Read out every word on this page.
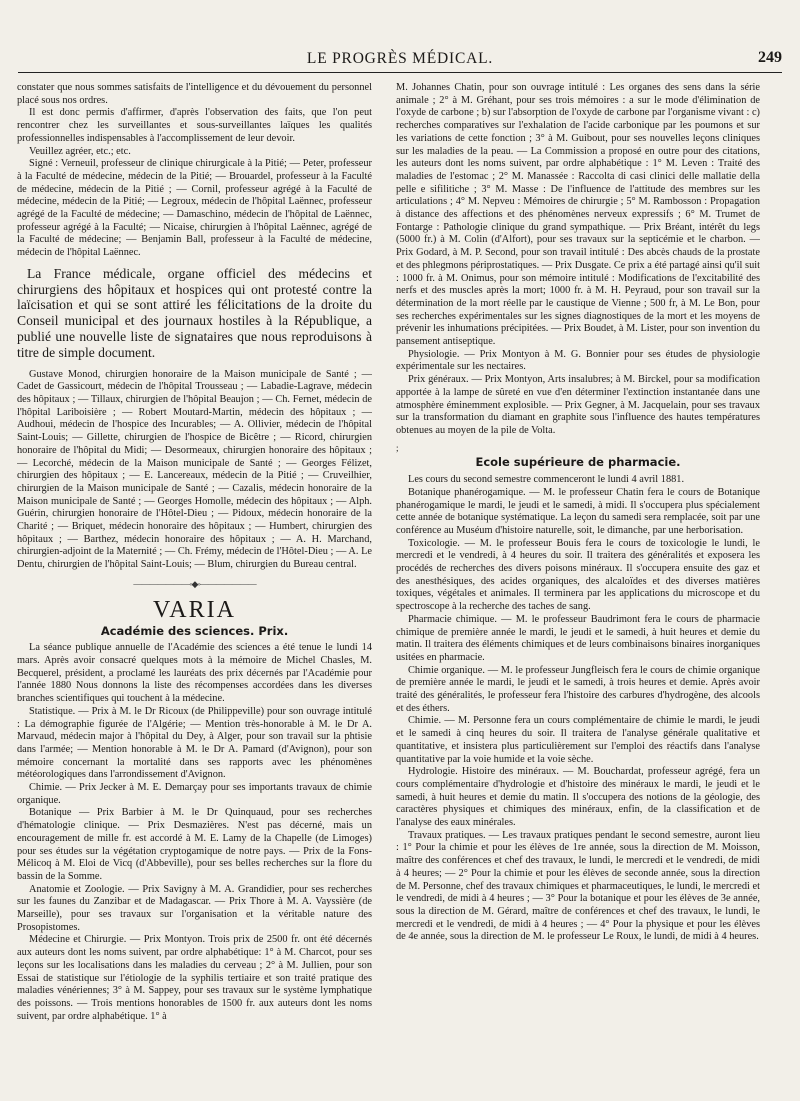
LE PROGRÈS MÉDICAL.	249

constater que nous sommes satisfaits de l'intelligence et du dévouement du personnel placé sous nos ordres.

Il est donc permis d'affirmer, d'après l'observation des faits, que l'on peut rencontrer chez les surveillantes et sous-surveillantes laïques les qualités professionnelles indispensables à l'accomplissement de leur devoir.

Veuillez agréer, etc.; etc.

Signé : Verneuil, professeur de clinique chirurgicale à la Pitié; — Peter, professeur à la Faculté de médecine, médecin de la Pitié; — Brouardel, professeur à la Faculté de médecine, médecin de la Pitié ; — Cornil, professeur agrégé à la Faculté de médecine, médecin de la Pitié; — Legroux, médecin de l'hôpital Laënnec, professeur agrégé de la Faculté de médecine; — Damaschino, médecin de l'hôpital de Laënnec, professeur agrégé à la Faculté; — Nicaise, chirurgien à l'hôpital Laënnec, agrégé de la Faculté de médecine; — Benjamin Ball, professeur à la Faculté de médecine, médecin de l'hôpital Laënnec.

La France médicale, organe officiel des médecins et chirurgiens des hôpitaux et hospices qui ont protesté contre la laïcisation et qui se sont attiré les félicitations de la droite du Conseil municipal et des journaux hostiles à la République, a publié une nouvelle liste de signataires que nous reproduisons à titre de simple document.

Gustave Monod, chirurgien honoraire de la Maison municipale de Santé ; — Cadet de Gassicourt, médecin de l'hôpital Trousseau ; — Labadie-Lagrave, médecin des hôpitaux ; — Tillaux, chirurgien de l'hôpital Beaujon ; — Ch. Fernet, médecin de l'hôpital Lariboisière ; — Robert Moutard-Martin, médecin des hôpitaux ; — Audhoui, médecin de l'hospice des Incurables; — A. Ollivier, médecin de l'hôpital Saint-Louis; — Gillette, chirurgien de l'hospice de Bicêtre ; — Ricord, chirurgien honoraire de l'hôpital du Midi; — Desormeaux, chirurgien honoraire des hôpitaux ; — Lecorché, médecin de la Maison municipale de Santé ; — Georges Félizet, chirurgien des hôpitaux ; — E. Lancereaux, médecin de la Pitié ; — Cruveilhier, chirurgien de la Maison municipale de Santé ; — Cazalis, médecin honoraire de la Maison municipale de Santé ; — Georges Homolle, médecin des hôpitaux ; — Alph. Guérin, chirurgien honoraire de l'Hôtel-Dieu ; — Pidoux, médecin honoraire de la Charité ; — Briquet, médecin honoraire des hôpitaux ; — Humbert, chirurgien des hôpitaux ; — Barthez, médecin honoraire des hôpitaux ; — A. H. Marchand, chirurgien-adjoint de la Maternité ; — Ch. Frémy, médecin de l'Hôtel-Dieu ; — A. Le Dentu, chirurgien de l'hôpital Saint-Louis; — Blum, chirurgien du Bureau central.

———————◦◆◦———————
VARIA
Académie des sciences. Prix.

La séance publique annuelle de l'Académie des sciences a été tenue le lundi 14 mars. Après avoir consacré quelques mots à la mémoire de Michel Chasles, M. Becquerel, président, a proclamé les lauréats des prix décernés par l'Académie pour l'année 1880 Nous donnons la liste des récompenses accordées dans les diverses branches scientifiques qui touchent à la médecine.

Statistique. — Prix à M. le Dr Ricoux (de Philippeville) pour son ouvrage intitulé : La démographie figurée de l'Algérie; — Mention très-honorable à M. le Dr A. Marvaud, médecin major à l'hôpital du Dey, à Alger, pour son travail sur la phtisie dans l'armée; — Mention honorable à M. le Dr A. Pamard (d'Avignon), pour son mémoire concernant la mortalité dans ses rapports avec les phénomènes météorologiques dans l'arrondissement d'Avignon.

Chimie. — Prix Jecker à M. E. Demarçay pour ses importants travaux de chimie organique.

Botanique — Prix Barbier à M. le Dr Quinquaud, pour ses recherches d'hématologie clinique. — Prix Desmazières. N'est pas décerné, mais un encouragement de mille fr. est accordé à M. E. Lamy de la Chapelle (de Limoges) pour ses études sur la végétation cryptogamique de notre pays. — Prix de la Fons-Mélicoq à M. Eloi de Vicq (d'Abbeville), pour ses belles recherches sur la flore du bassin de la Somme.

Anatomie et Zoologie. — Prix Savigny à M. A. Grandidier, pour ses recherches sur les faunes du Zanzibar et de Madagascar. — Prix Thore à M. A. Vayssière (de Marseille), pour ses travaux sur l'organisation et la véritable nature des Prosopistomes.

Médecine et Chirurgie. — Prix Montyon. Trois prix de 2500 fr. ont été décernés aux auteurs dont les noms suivent, par ordre alphabétique: 1° à M. Charcot, pour ses leçons sur les localisations dans les maladies du cerveau ; 2° à M. Jullien, pour son Essai de statistique sur l'étiologie de la syphilis tertiaire et son traité pratique des maladies vénériennes; 3° à M. Sappey, pour ses travaux sur le système lymphatique des poissons. — Trois mentions honorables de 1500 fr. aux auteurs dont les noms suivent, par ordre alphabétique. 1° à

M. Johannes Chatin, pour son ouvrage intitulé : Les organes des sens dans la série animale ; 2° à M. Gréhant, pour ses trois mémoires : a sur le mode d'élimination de l'oxyde de carbone ; b) sur l'absorption de l'oxyde de carbone par l'organisme vivant : c) recherches comparatives sur l'exhalation de l'acide carbonique par les poumons et sur les variations de cette fonction ; 3° à M. Guibout, pour ses nouvelles leçons cliniques sur les maladies de la peau. — La Commission a proposé en outre pour des citations, les auteurs dont les noms suivent, par ordre alphabétique : 1° M. Leven : Traité des maladies de l'estomac ; 2° M. Manassée : Raccolta di casi clinici delle mallatie della pelle e sifilitiche ; 3° M. Masse : De l'influence de l'attitude des membres sur les articulations ; 4° M. Nepveu : Mémoires de chirurgie ; 5° M. Rambosson : Propagation à distance des affections et des phénomènes nerveux expressifs ; 6° M. Trumet de Fontarge : Pathologie clinique du grand sympathique. — Prix Bréant, intérêt du legs (5000 fr.) à M. Colin (d'Alfort), pour ses travaux sur la septicémie et le charbon. — Prix Godard, à M. P. Second, pour son travail intitulé : Des abcès chauds de la prostate et des phlegmons périprostatiques. — Prix Dusgate. Ce prix a été partagé ainsi qu'il suit : 1000 fr. à M. Onimus, pour son mémoire intitulé : Modifications de l'excitabilité des nerfs et des muscles après la mort; 1000 fr. à M. H. Peyraud, pour son travail sur la détermination de la mort réelle par le caustique de Vienne ; 500 fr, à M. Le Bon, pour ses recherches expérimentales sur les signes diagnostiques de la mort et les moyens de prévenir les inhumations précipitées. — Prix Boudet, à M. Lister, pour son invention du pansement antiseptique.

Physiologie. — Prix Montyon à M. G. Bonnier pour ses études de physiologie expérimentale sur les nectaires.

Prix généraux. — Prix Montyon, Arts insalubres; à M. Birckel, pour sa modification apportée à la lampe de sûreté en vue d'en déterminer l'extinction instantanée dans une atmosphère éminemment explosible. — Prix Gegner, à M. Jacquelain, pour ses travaux sur la transformation du diamant en graphite sous l'influence des hautes températures obtenues au moyen de la pile de Volta.

;
Ecole supérieure de pharmacie.

Les cours du second semestre commenceront le lundi 4 avril 1881.

Botanique phanérogamique. — M. le professeur Chatin fera le cours de Botanique phanérogamique le mardi, le jeudi et le samedi, à midi. Il s'occupera plus spécialement cette année de botanique systématique. La leçon du samedi sera remplacée, soit par une conférence au Muséum d'histoire naturelle, soit, le dimanche, par une herborisation.

Toxicologie. — M. le professeur Bouis fera le cours de toxicologie le lundi, le mercredi et le vendredi, à 4 heures du soir. Il traitera des généralités et exposera les procédés de recherches des divers poisons minéraux. Il s'occupera ensuite des gaz et des anesthésiques, des acides organiques, des alcaloïdes et des diverses matières toxiques, végétales et animales. Il terminera par les applications du microscope et du spectroscope à la recherche des taches de sang.

Pharmacie chimique. — M. le professeur Baudrimont fera le cours de pharmacie chimique de première année le mardi, le jeudi et le samedi, à huit heures et demie du matin. Il traitera des éléments chimiques et de leurs combinaisons binaires inorganiques usitées en pharmacie.

Chimie organique. — M. le professeur Jungfleisch fera le cours de chimie organique de première année le mardi, le jeudi et le samedi, à trois heures et demie. Après avoir traité des généralités, le professeur fera l'histoire des carbures d'hydrogène, des alcools et des éthers.

Chimie. — M. Personne fera un cours complémentaire de chimie le mardi, le jeudi et le samedi à cinq heures du soir. Il traitera de l'analyse générale qualitative et quantitative, et insistera plus particulièrement sur l'emploi des réactifs dans l'analyse quantitative par la voie humide et la voie sèche.

Hydrologie. Histoire des minéraux. — M. Bouchardat, professeur agrégé, fera un cours complémentaire d'hydrologie et d'histoire des minéraux le mardi, le jeudi et le samedi, à huit heures et demie du matin. Il s'occupera des notions de la géologie, des caractères physiques et chimiques des minéraux, enfin, de la classification et de l'analyse des eaux minérales.

Travaux pratiques. — Les travaux pratiques pendant le second semestre, auront lieu : 1° Pour la chimie et pour les élèves de 1re année, sous la direction de M. Moisson, maître des conférences et chef des travaux, le lundi, le mercredi et le vendredi, de midi à 4 heures; — 2° Pour la chimie et pour les élèves de seconde année, sous la direction de M. Personne, chef des travaux chimiques et pharmaceutiques, le lundi, le mercredi et le vendredi, de midi à 4 heures ; — 3° Pour la botanique et pour les élèves de 3e année, sous la direction de M. Gérard, maître de conférences et chef des travaux, le lundi, le mercredi et le vendredi, de midi à 4 heures ; — 4° Pour la physique et pour les élèves de 4e année, sous la direction de M. le professeur Le Roux, le lundi, de midi à 4 heures.
